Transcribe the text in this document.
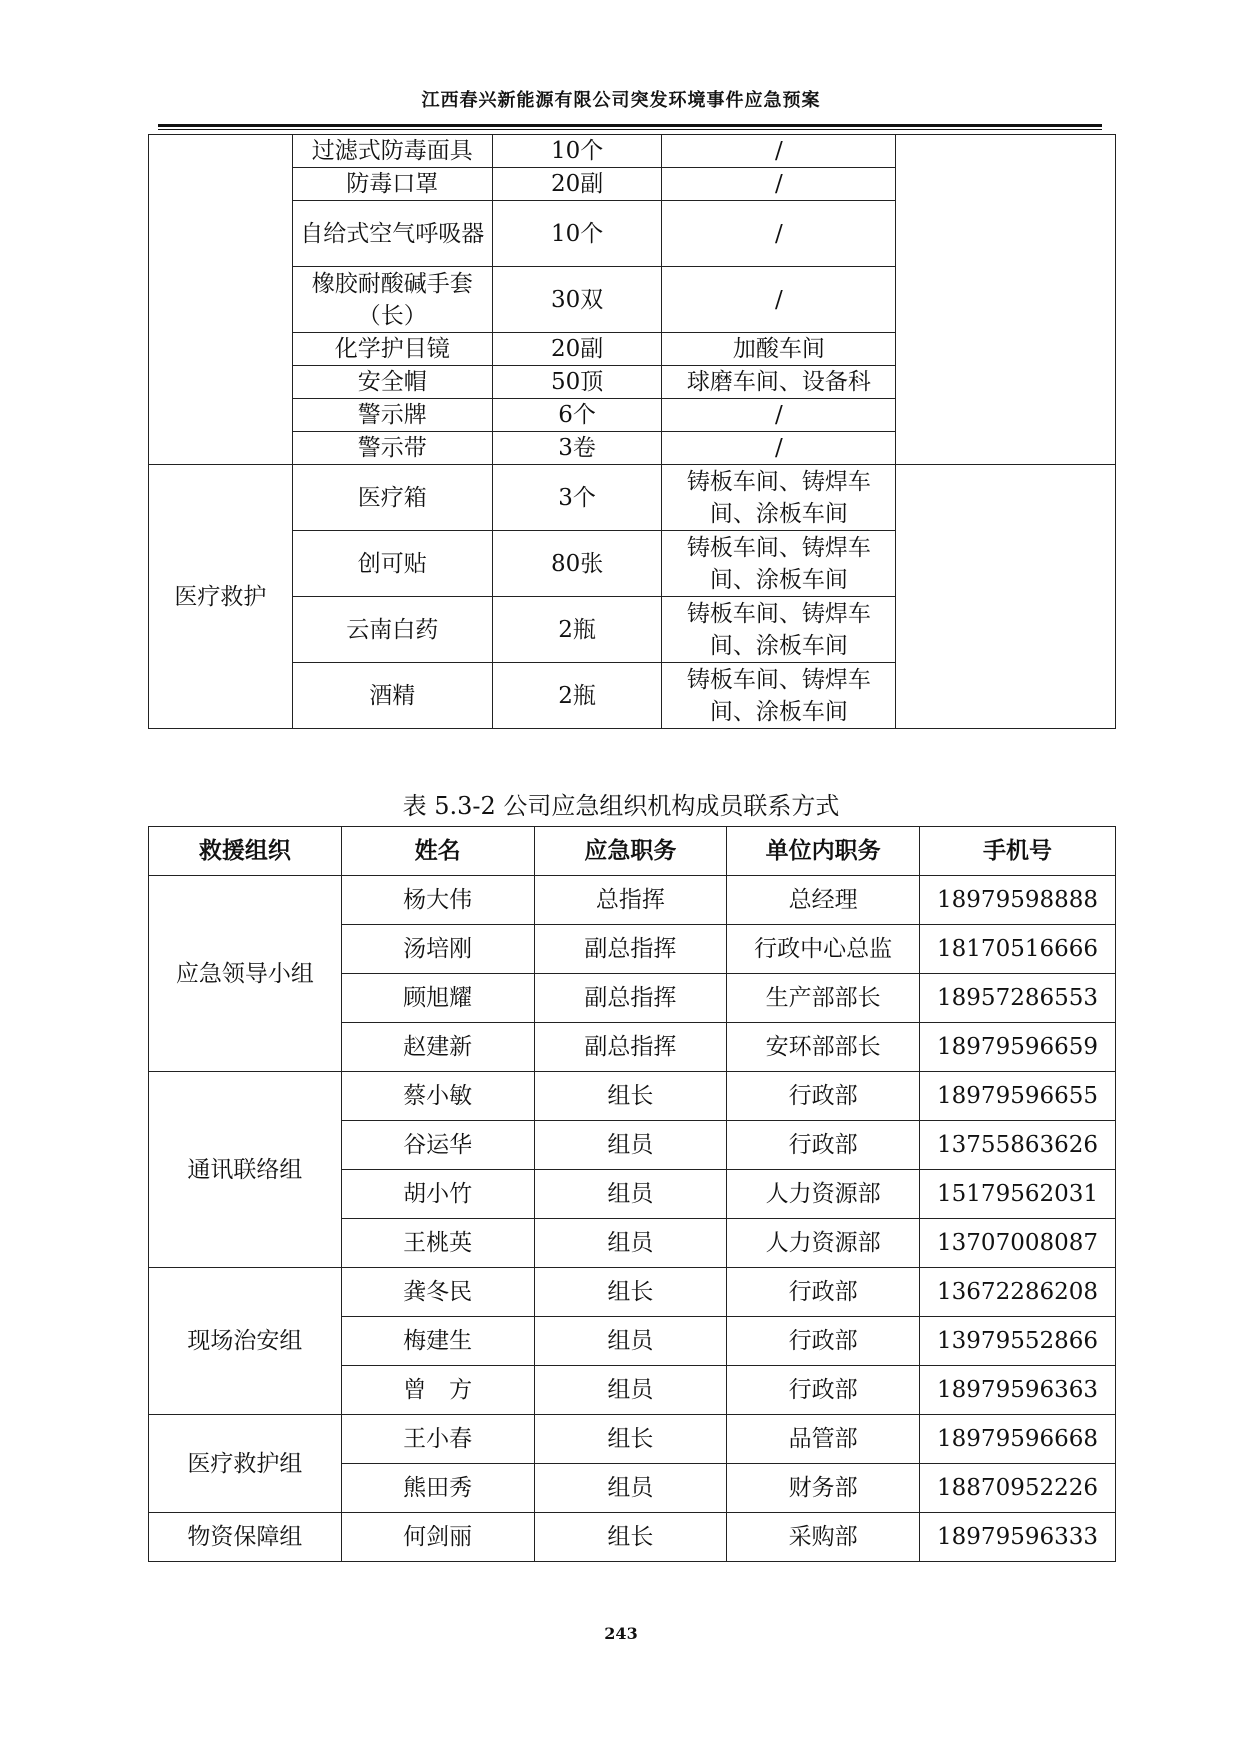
江西春兴新能源有限公司突发环境事件应急预案
	过滤式防毒面具	10个	/	
	防毒口罩	20副	/	
	自给式空气呼吸器	10个	/	
	橡胶耐酸碱手套（长）	30双	/	
	化学护目镜	20副	加酸车间	
	安全帽	50顶	球磨车间、设备科	
	警示牌	6个	/	
	警示带	3卷	/	
医疗救护	医疗箱	3个	铸板车间、铸焊车间、涂板车间	
	创可贴	80张	铸板车间、铸焊车间、涂板车间	
	云南白药	2瓶	铸板车间、铸焊车间、涂板车间	
	酒精	2瓶	铸板车间、铸焊车间、涂板车间	
表 5.3-2 公司应急组织机构成员联系方式
救援组织	姓名	应急职务	单位内职务	手机号
应急领导小组	杨大伟	总指挥	总经理	18979598888
	汤培刚	副总指挥	行政中心总监	18170516666
	顾旭耀	副总指挥	生产部部长	18957286553
	赵建新	副总指挥	安环部部长	18979596659
通讯联络组	蔡小敏	组长	行政部	18979596655
	谷运华	组员	行政部	13755863626
	胡小竹	组员	人力资源部	15179562031
	王桃英	组员	人力资源部	13707008087
现场治安组	龚冬民	组长	行政部	13672286208
	梅建生	组员	行政部	13979552866
	曾　方	组员	行政部	18979596363
医疗救护组	王小春	组长	品管部	18979596668
	熊田秀	组员	财务部	18870952226
物资保障组	何剑丽	组长	采购部	18979596333
243
